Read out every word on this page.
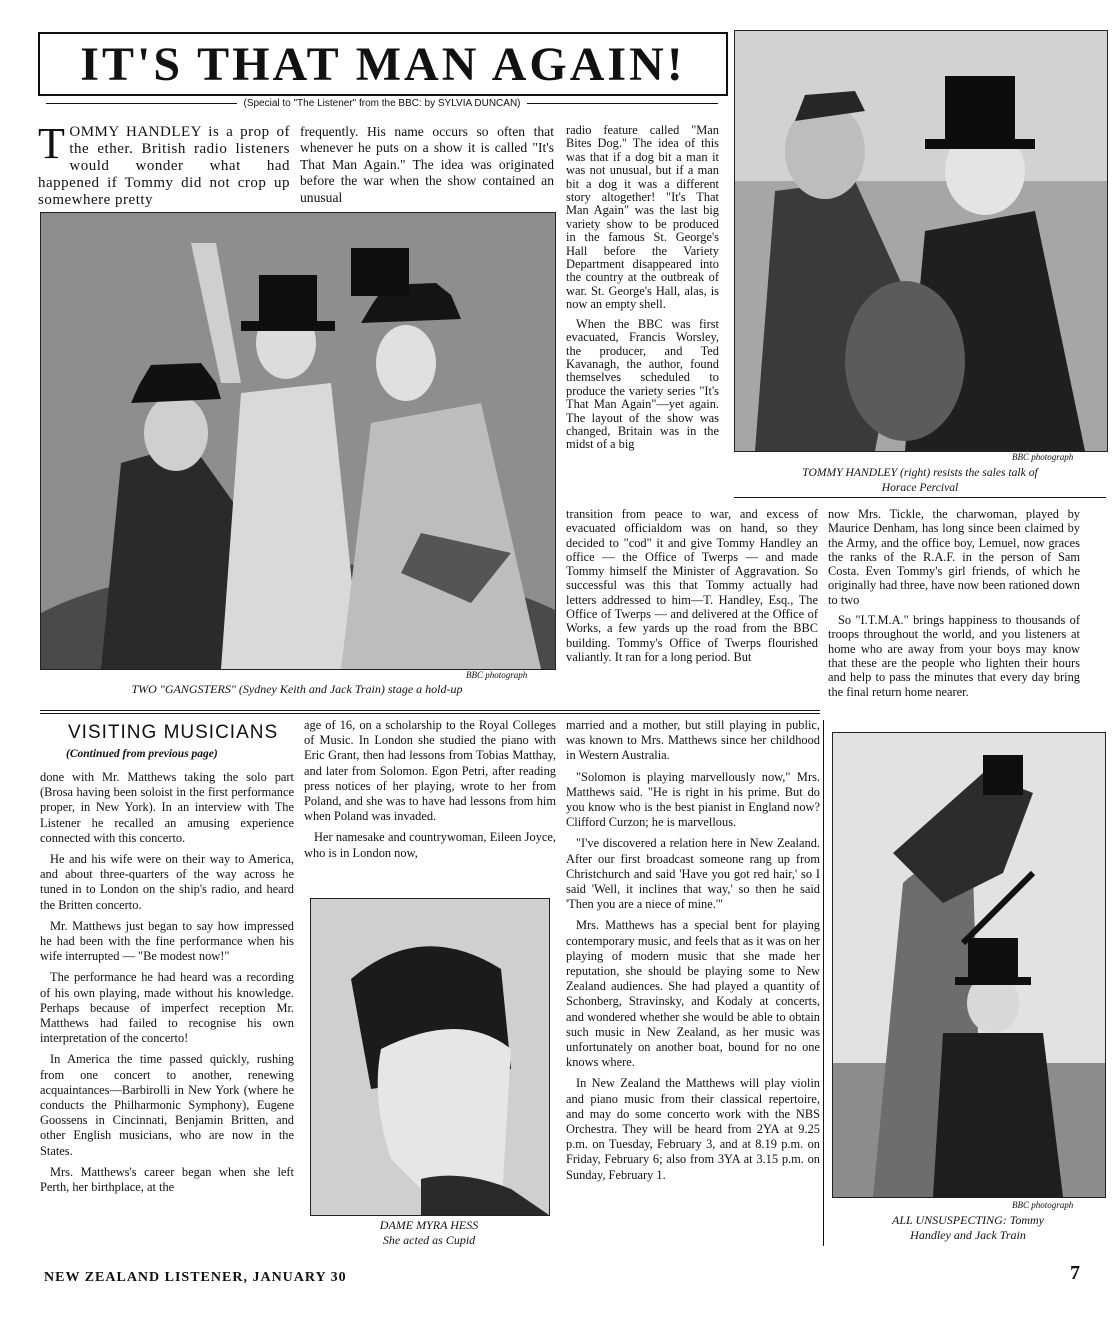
IT'S THAT MAN AGAIN!
(Special to "The Listener" from the BBC: by SYLVIA DUNCAN)

TOMMY HANDLEY is a prop of the ether. British radio listeners would wonder what had happened if Tommy did not crop up somewhere pretty

frequently. His name occurs so often that whenever he puts on a show it is called "It's That Man Again." The idea was originated before the war when the show contained an unusual

BBC photograph
TWO "GANGSTERS" (Sydney Keith and Jack Train) stage a hold-up

radio feature called "Man Bites Dog." The idea of this was that if a dog bit a man it was not unusual, but if a man bit a dog it was a different story altogether! "It's That Man Again" was the last big variety show to be produced in the famous St. George's Hall before the Variety Department disappeared into the country at the outbreak of war. St. George's Hall, alas, is now an empty shell.

When the BBC was first evacuated, Francis Worsley, the producer, and Ted Kavanagh, the author, found themselves scheduled to produce the variety series "It's That Man Again"—yet again. The layout of the show was changed, Britain was in the midst of a big

BBC photograph
TOMMY HANDLEY (right) resists the sales talk of
Horace Percival

transition from peace to war, and excess of evacuated officialdom was on hand, so they decided to "cod" it and give Tommy Handley an office — the Office of Twerps — and made Tommy himself the Minister of Aggravation. So successful was this that Tommy actually had letters addressed to him—T. Handley, Esq., The Office of Twerps — and delivered at the Office of Works, a few yards up the road from the BBC building. Tommy's Office of Twerps flourished valiantly. It ran for a long period. But

now Mrs. Tickle, the charwoman, played by Maurice Denham, has long since been claimed by the Army, and the office boy, Lemuel, now graces the ranks of the R.A.F. in the person of Sam Costa. Even Tommy's girl friends, of which he originally had three, have now been rationed down to two

So "I.T.M.A." brings happiness to thousands of troops throughout the world, and you listeners at home who are away from your boys may know that these are the people who lighten their hours and help to pass the minutes that every day bring the final return home nearer.

VISITING MUSICIANS
(Continued from previous page)

done with Mr. Matthews taking the solo part (Brosa having been soloist in the first performance proper, in New York). In an interview with The Listener he recalled an amusing experience connected with this concerto.

He and his wife were on their way to America, and about three-quarters of the way across he tuned in to London on the ship's radio, and heard the Britten concerto.

Mr. Matthews just began to say how impressed he had been with the fine performance when his wife interrupted — "Be modest now!"

The performance he had heard was a recording of his own playing, made without his knowledge. Perhaps because of imperfect reception Mr. Matthews had failed to recognise his own interpretation of the concerto!

In America the time passed quickly, rushing from one concert to another, renewing acquaintances—Barbirolli in New York (where he conducts the Philharmonic Symphony), Eugene Goossens in Cincinnati, Benjamin Britten, and other English musicians, who are now in the States.

Mrs. Matthews's career began when she left Perth, her birthplace, at the

age of 16, on a scholarship to the Royal Colleges of Music. In London she studied the piano with Eric Grant, then had lessons from Tobias Matthay, and later from Solomon. Egon Petri, after reading press notices of her playing, wrote to her from Poland, and she was to have had lessons from him when Poland was invaded.

Her namesake and countrywoman, Eileen Joyce, who is in London now,

DAME MYRA HESS
She acted as Cupid

married and a mother, but still playing in public, was known to Mrs. Matthews since her childhood in Western Australia.

"Solomon is playing marvellously now," Mrs. Matthews said. "He is right in his prime. But do you know who is the best pianist in England now? Clifford Curzon; he is marvellous.

"I've discovered a relation here in New Zealand. After our first broadcast someone rang up from Christchurch and said 'Have you got red hair,' so I said 'Well, it inclines that way,' so then he said 'Then you are a niece of mine.'"

Mrs. Matthews has a special bent for playing contemporary music, and feels that as it was on her playing of modern music that she made her reputation, she should be playing some to New Zealand audiences. She had played a quantity of Schonberg, Stravinsky, and Kodaly at concerts, and wondered whether she would be able to obtain such music in New Zealand, as her music was unfortunately on another boat, bound for no one knows where.

In New Zealand the Matthews will play violin and piano music from their classical repertoire, and may do some concerto work with the NBS Orchestra. They will be heard from 2YA at 9.25 p.m. on Tuesday, February 3, and at 8.19 p.m. on Friday, February 6; also from 3YA at 3.15 p.m. on Sunday, February 1.

BBC photograph
ALL UNSUSPECTING: Tommy
Handley and Jack Train
NEW ZEALAND LISTENER, JANUARY 30	7
